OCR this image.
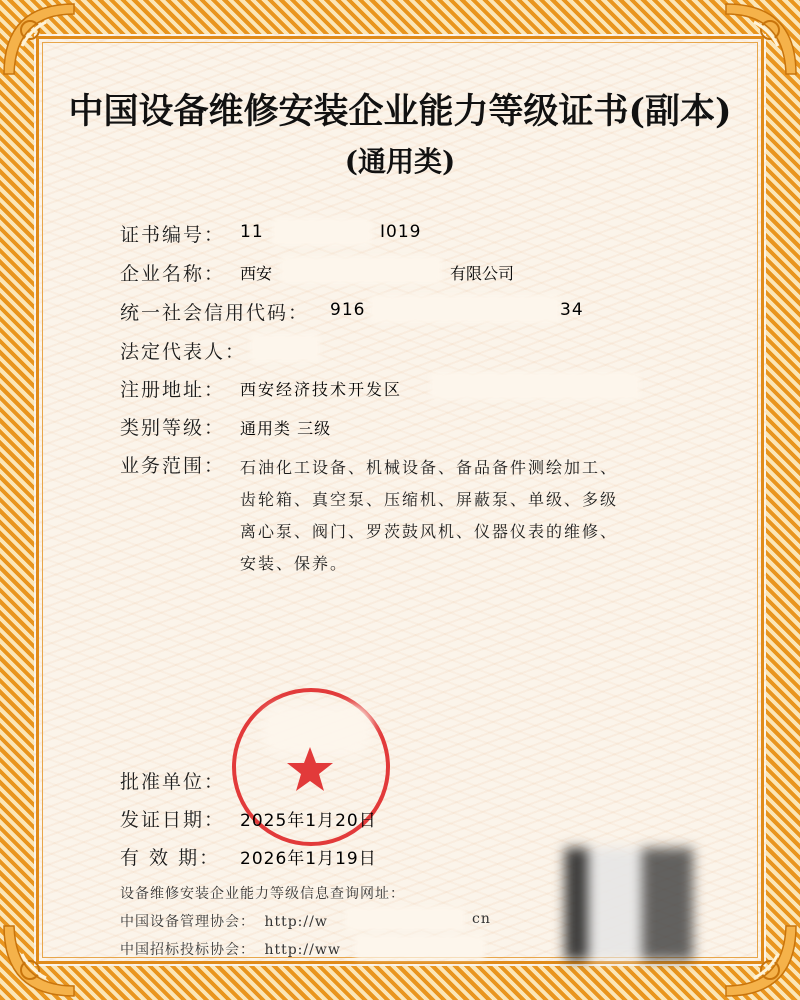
中国设备维修安装企业能力等级证书(副本)
(通用类)
证书编号： 11	I019
企业名称： 西安	有限公司
统一社会信用代码： 916	34
法定代表人：
注册地址： 西安经济技术开发区
类别等级： 通用类 三级
业务范围： 石油化工设备、机械设备、备品备件测绘加工、
齿轮箱、真空泵、压缩机、屏蔽泵、单级、多级
离心泵、阀门、罗茨鼓风机、仪器仪表的维修、
安装、保养。
批准单位：
发证日期： 2025年1月20日
有 效 期： 2026年1月19日
设备维修安装企业能力等级信息查询网址：
中国设备管理协会： http://w	cn
中国招标投标协会： http://ww
